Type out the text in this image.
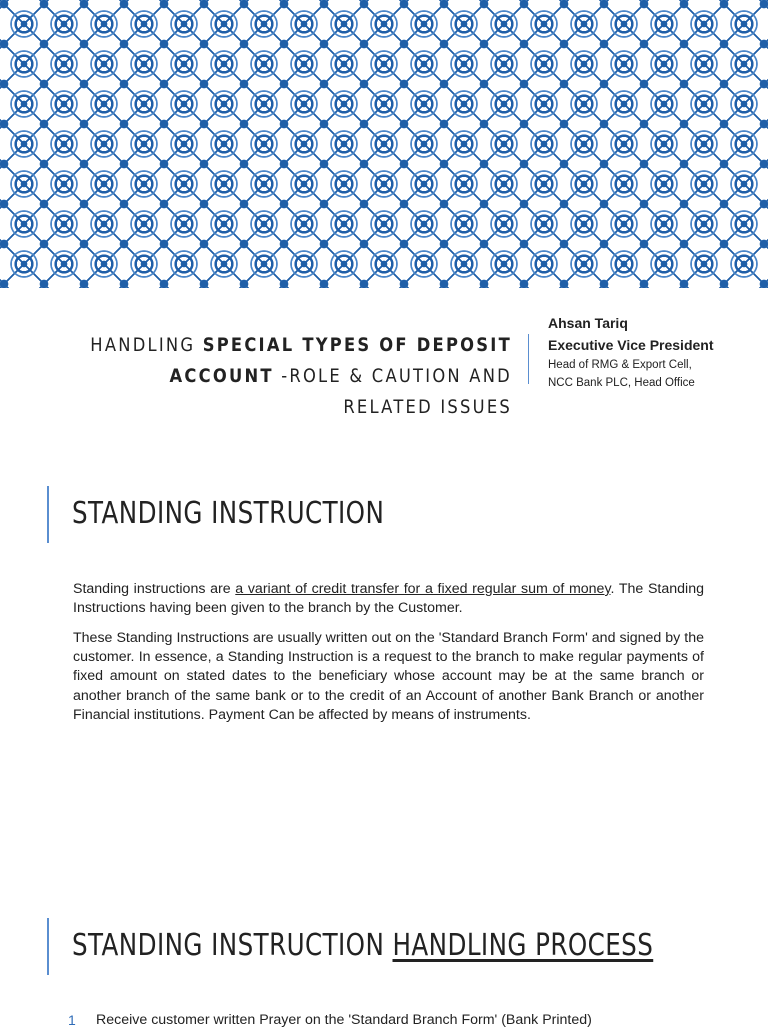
HANDLING SPECIAL TYPES OF DEPOSIT
ACCOUNT -ROLE & CAUTION AND RELATED ISSUES
Ahsan Tariq
Executive Vice President
Head of RMG & Export Cell,
NCC Bank PLC, Head Office
STANDING INSTRUCTION

Standing instructions are a variant of credit transfer for a fixed regular sum of money. The Standing Instructions having been given to the branch by the Customer.

These Standing Instructions are usually written out on the 'Standard Branch Form' and signed by the customer. In essence, a Standing Instruction is a request to the branch to make regular payments of fixed amount on stated dates to the beneficiary whose account may be at the same branch or another branch of the same bank or to the credit of an Account of another Bank Branch or another Financial institutions. Payment Can be affected by means of instruments.

STANDING INSTRUCTION HANDLING PROCESS
1 Receive customer written Prayer on the 'Standard Branch Form' (Bank Printed)
